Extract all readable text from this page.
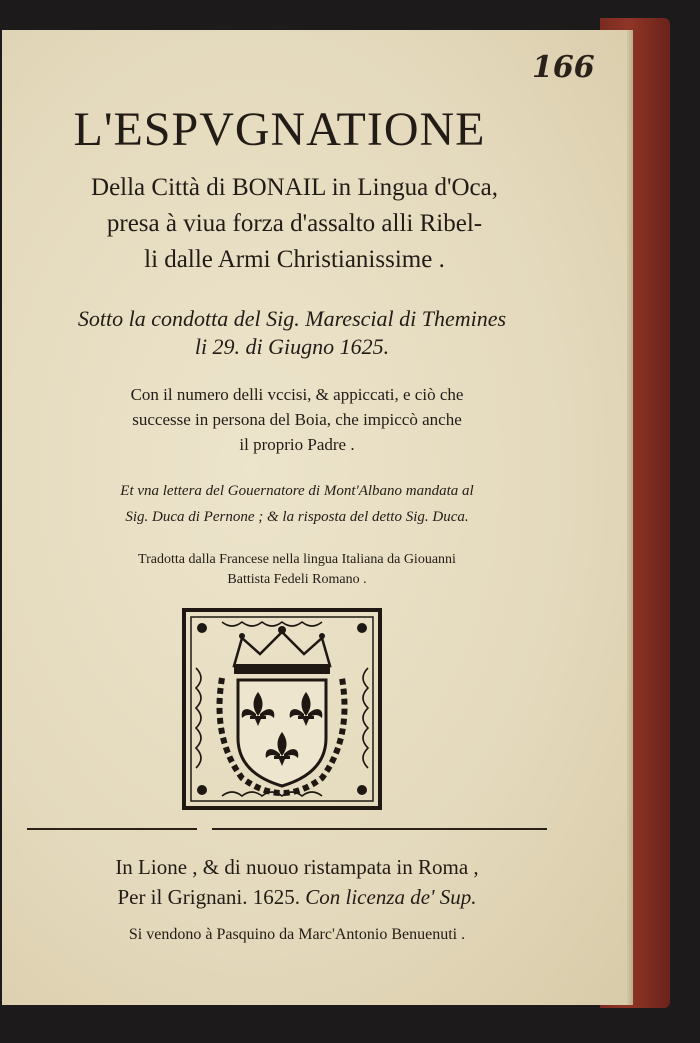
166
L'ESPVGNATIONE
Della Città di BONAIL in Lingua d'Oca,
presa à viua forza d'assalto alli Ribel-
li dalle Armi Christianissime .
Sotto la condotta del Sig. Marescial di Themines
li 29. di Giugno 1625.
Con il numero delli vccisi, & appiccati, e ciò che
successe in persona del Boia, che impiccò anche
il proprio Padre .
Et vna lettera del Gouernatore di Mont'Albano mandata al
Sig. Duca di Pernone ; & la risposta del detto Sig. Duca.
Tradotta dalla Francese nella lingua Italiana da Giouanni
Battista Fedeli Romano .
In Lione , & di nuouo ristampata in Roma ,
Per il Grignani. 1625. Con licenza de' Sup.
Si vendono à Pasquino da Marc'Antonio Benuenuti .
